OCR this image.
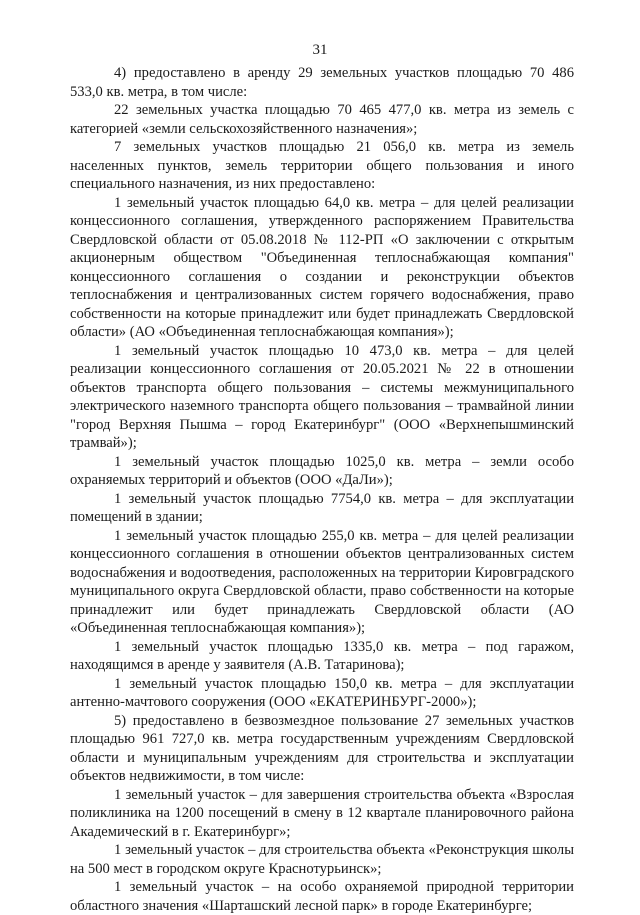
31

4) предоставлено в аренду 29 земельных участков площадью 70 486 533,0 кв. метра, в том числе:

22 земельных участка площадью 70 465 477,0 кв. метра из земель с категорией «земли сельскохозяйственного назначения»;

7 земельных участков площадью 21 056,0 кв. метра из земель населенных пунктов, земель территории общего пользования и иного специального назначения, из них предоставлено:

1 земельный участок площадью 64,0 кв. метра – для целей реализации концессионного соглашения, утвержденного распоряжением Правительства Свердловской области от 05.08.2018 № 112-РП «О заключении с открытым акционерным обществом "Объединенная теплоснабжающая компания" концессионного соглашения о создании и реконструкции объектов теплоснабжения и централизованных систем горячего водоснабжения, право собственности на которые принадлежит или будет принадлежать Свердловской области» (АО «Объединенная теплоснабжающая компания»);

1 земельный участок площадью 10 473,0 кв. метра – для целей реализации концессионного соглашения от 20.05.2021 № 22 в отношении объектов транспорта общего пользования – системы межмуниципального электрического наземного транспорта общего пользования – трамвайной линии "город Верхняя Пышма – город Екатеринбург" (ООО «Верхнепышминский трамвай»);

1 земельный участок площадью 1025,0 кв. метра – земли особо охраняемых территорий и объектов (ООО «ДаЛи»);

1 земельный участок площадью 7754,0 кв. метра – для эксплуатации помещений в здании;

1 земельный участок площадью 255,0 кв. метра – для целей реализации концессионного соглашения в отношении объектов централизованных систем водоснабжения и водоотведения, расположенных на территории Кировградского муниципального округа Свердловской области, право собственности на которые принадлежит или будет принадлежать Свердловской области (АО «Объединенная теплоснабжающая компания»);

1 земельный участок площадью 1335,0 кв. метра – под гаражом, находящимся в аренде у заявителя (А.В. Татаринова);

1 земельный участок площадью 150,0 кв. метра – для эксплуатации антенно-мачтового сооружения (ООО «ЕКАТЕРИНБУРГ-2000»);

5) предоставлено в безвозмездное пользование 27 земельных участков площадью 961 727,0 кв. метра государственным учреждениям Свердловской области и муниципальным учреждениям для строительства и эксплуатации объектов недвижимости, в том числе:

1 земельный участок – для завершения строительства объекта «Взрослая поликлиника на 1200 посещений в смену в 12 квартале планировочного района Академический в г. Екатеринбург»;

1 земельный участок – для строительства объекта «Реконструкция школы на 500 мест в городском округе Краснотурьинск»;

1 земельный участок – на особо охраняемой природной территории областного значения «Шарташский лесной парк» в городе Екатеринбурге;
